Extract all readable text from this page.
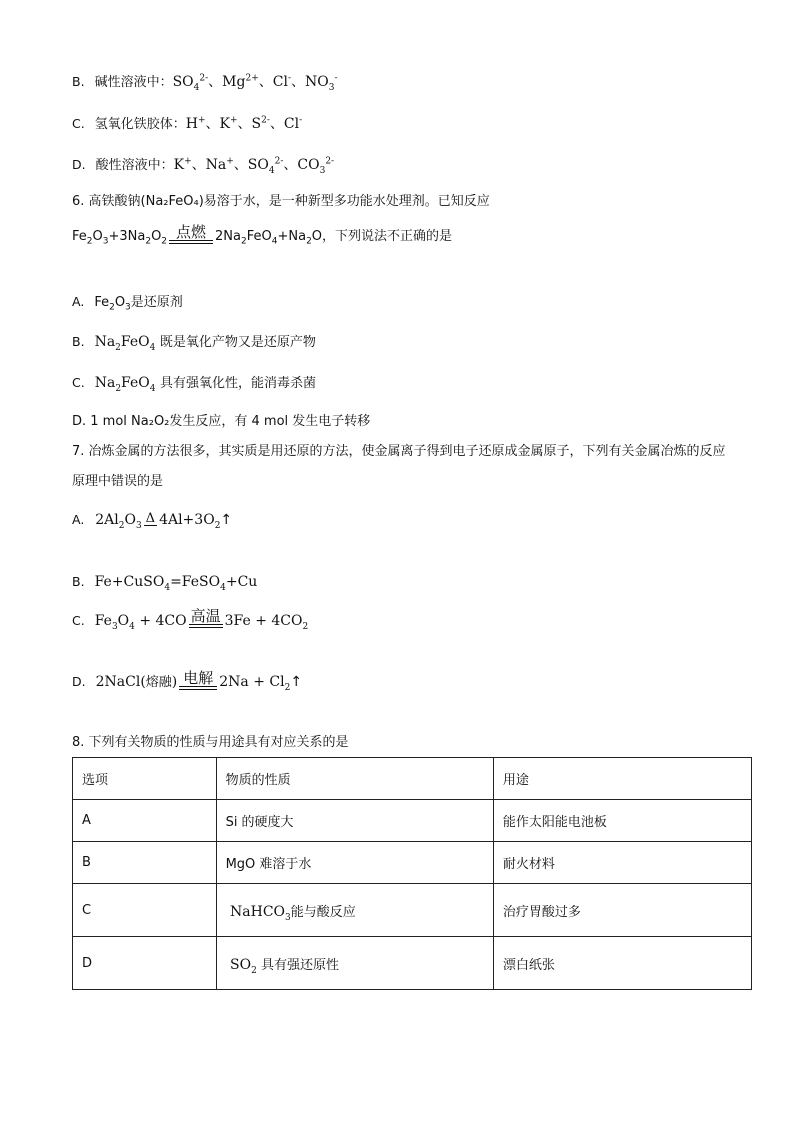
B. 碱性溶液中：$SO_4^{2-}$、$Mg^{2+}$、Cl-、$NO_3^-$
C. 氢氧化铁胶体：H+、K+、$S^{2-}$、Cl-
D. 酸性溶液中：K+、Na+、$SO_4^{2-}$、$CO_3^{2-}$
6. 高铁酸钠(Na₂FeO₄)易溶于水，是一种新型多功能水处理剂。已知反应
$Fe_2O_3+3Na_2O_2$
点燃 $2Na_2FeO_4+Na_2O$，下列说法不正确的是
A. $Fe_2O_3$是还原剂
B. $Na_2FeO_4$ 既是氧化产物又是还原产物
C. $Na_2FeO_4$ 具有强氧化性，能消毒杀菌
D. 1 mol Na₂O₂发生反应，有 4 mol 发生电子转移
7. 冶炼金属的方法很多，其实质是用还原的方法，使金属离子得到电子还原成金属原子，下列有关金属冶炼的反应原理中错误的是
A. $2Al_2O_3$ Δ $4Al+3O_2↑$
B. Fe+CuSO$_4$=FeSO$_4$+Cu
C. $Fe_3O_4 + 4CO$ 高温 $3Fe + 4CO_2$
D. 2NaCl(熔融) 电解 $2Na + Cl_2↑$
8. 下列有关物质的性质与用途具有对应关系的是
选项	物质的性质	用途
A	Si 的硬度大	能作太阳能电池板
B	MgO 难溶于水	耐火材料
C	NaHCO$_3$能与酸反应	治疗胃酸过多
D	$SO_2$ 具有强还原性	漂白纸张
